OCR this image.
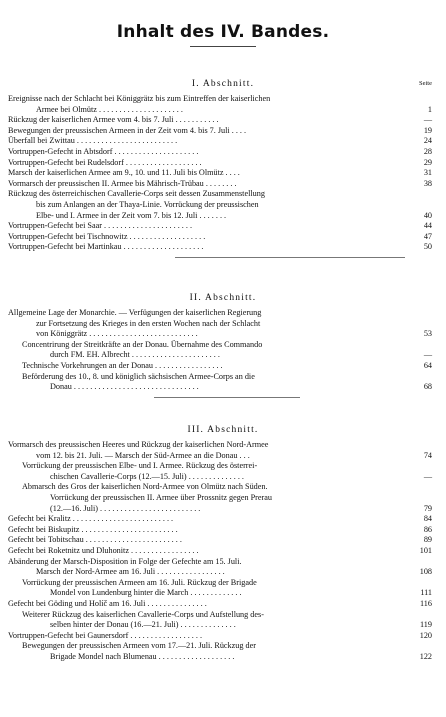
Inhalt des IV. Bandes.
Seite
I. Abschnitt.
Ereignisse nach der Schlacht bei Königgrätz bis zum Eintreffen der kaiserlichen
Armee bei Olmütz . . . . . . . . . . . . . . . . . . . . .	1
Rückzug der kaiserlichen Armee vom 4. bis 7. Juli . . . . . . . . . . .	—
Bewegungen der preussischen Armeen in der Zeit vom 4. bis 7. Juli . . . .	19
Überfall bei Zwittau . . . . . . . . . . . . . . . . . . . . . . . . .	24
Vortruppen-Gefecht in Abtsdorf . . . . . . . . . . . . . . . . . . . . .	28
Vortruppen-Gefecht bei Rudelsdorf . . . . . . . . . . . . . . . . . . .	29
Marsch der kaiserlichen Armee am 9., 10. und 11. Juli bis Olmütz . . . .	31
Vormarsch der preussischen II. Armee bis Mährisch-Trübau . . . . . . . .	38
Rückzug des österreichischen Cavallerie-Corps seit dessen Zusammenstellung
bis zum Anlangen an der Thaya-Linie. Vorrückung der preussischen
Elbe- und I. Armee in der Zeit vom 7. bis 12. Juli . . . . . . .	40
Vortruppen-Gefecht bei Saar . . . . . . . . . . . . . . . . . . . . . .	44
Vortruppen-Gefecht bei Tischnowitz . . . . . . . . . . . . . . . . . . .	47
Vortruppen-Gefecht bei Martinkau . . . . . . . . . . . . . . . . . . . .	50
II. Abschnitt.
Allgemeine Lage der Monarchie. — Verfügungen der kaiserlichen Regierung
zur Fortsetzung des Krieges in den ersten Wochen nach der Schlacht
von Königgrätz . . . . . . . . . . . . . . . . . . . . . . . . . . .	53
Concentrirung der Streitkräfte an der Donau. Übernahme des Commando
durch FM. EH. Albrecht . . . . . . . . . . . . . . . . . . . . . .	—
Technische Vorkehrungen an der Donau . . . . . . . . . . . . . . . . .	64
Beförderung des 10., 8. und königlich sächsischen Armee-Corps an die
Donau . . . . . . . . . . . . . . . . . . . . . . . . . . . . . . .	68
III. Abschnitt.
Vormarsch des preussischen Heeres und Rückzug der kaiserlichen Nord-Armee
vom 12. bis 21. Juli. — Marsch der Süd-Armee an die Donau . . .	74
Vorrückung der preussischen Elbe- und I. Armee. Rückzug des österrei-
chischen Cavallerie-Corps (12.—15. Juli) . . . . . . . . . . . . . .	—
Abmarsch des Gros der kaiserlichen Nord-Armee von Olmütz nach Süden.
Vorrückung der preussischen II. Armee über Prossnitz gegen Prerau
(12.—16. Juli) . . . . . . . . . . . . . . . . . . . . . . . . .	79
Gefecht bei Kralitz . . . . . . . . . . . . . . . . . . . . . . . . .	84
Gefecht bei Biskupitz . . . . . . . . . . . . . . . . . . . . . . . .	86
Gefecht bei Tobitschau . . . . . . . . . . . . . . . . . . . . . . . .	89
Gefecht bei Roketnitz und Dluhonitz . . . . . . . . . . . . . . . . .	101
Abänderung der Marsch-Disposition in Folge der Gefechte am 15. Juli.
Marsch der Nord-Armee am 16. Juli . . . . . . . . . . . . . . . . .	108
Vorrückung der preussischen Armeen am 16. Juli. Rückzug der Brigade
Mondel von Lundenburg hinter die March . . . . . . . . . . . . .	111
Gefecht bei Göding und Holíč am 16. Juli . . . . . . . . . . . . . . .	116
Weiterer Rückzug des kaiserlichen Cavallerie-Corps und Aufstellung des-
selben hinter der Donau (16.—21. Juli) . . . . . . . . . . . . . .	119
Vortruppen-Gefecht bei Gaunersdorf . . . . . . . . . . . . . . . . . .	120
Bewegungen der preussischen Armeen vom 17.—21. Juli. Rückzug der
Brigade Mondel nach Blumenau . . . . . . . . . . . . . . . . . . .	122
